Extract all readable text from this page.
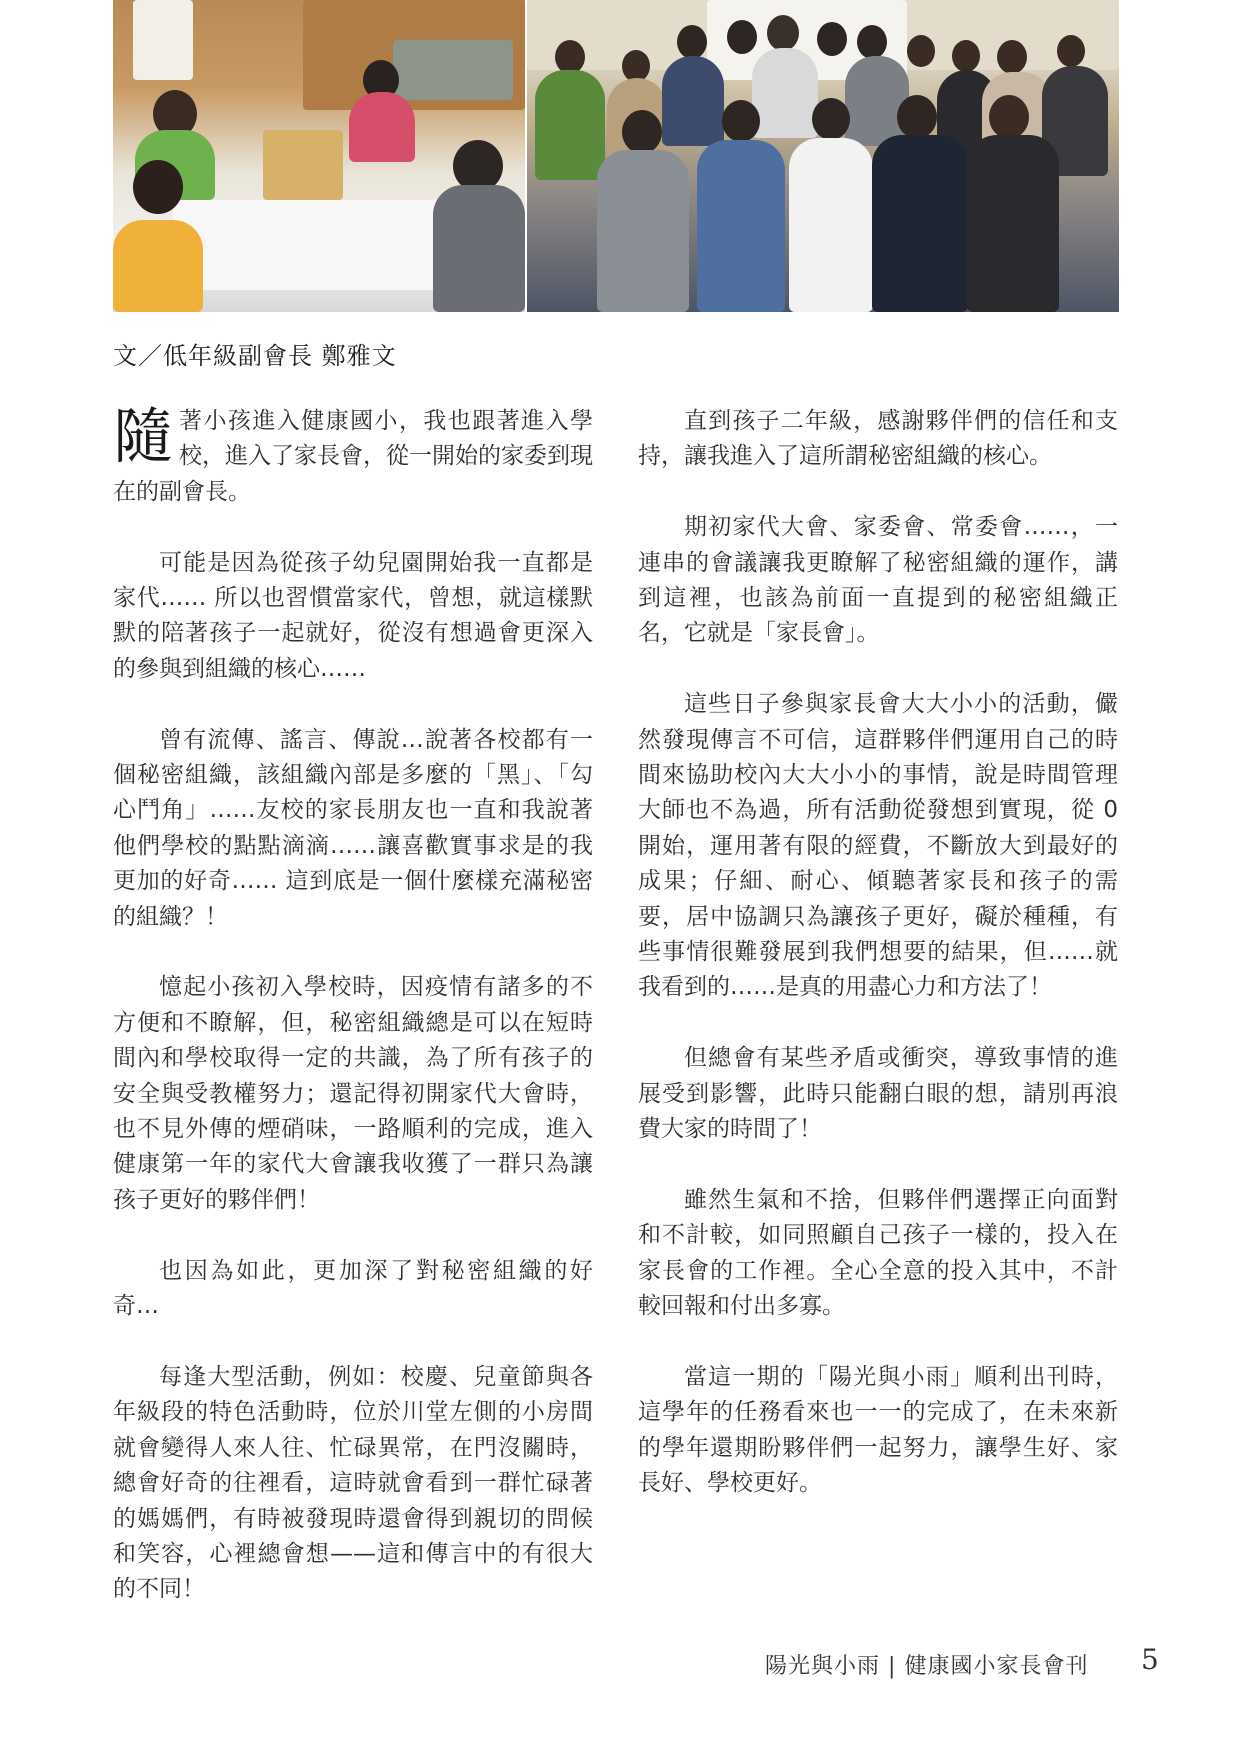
文／低年級副會長 鄭雅文

隨著小孩進入健康國小，我也跟著進入學校，進入了家長會，從一開始的家委到現在的副會長。

可能是因為從孩子幼兒園開始我一直都是家代…… 所以也習慣當家代，曾想，就這樣默默的陪著孩子一起就好，從沒有想過會更深入的參與到組織的核心……

曾有流傳、謠言、傳說…說著各校都有一個秘密組織，該組織內部是多麼的「黑」、「勾心鬥角」……友校的家長朋友也一直和我說著他們學校的點點滴滴……讓喜歡實事求是的我更加的好奇…… 這到底是一個什麼樣充滿秘密的組織？！

憶起小孩初入學校時，因疫情有諸多的不方便和不瞭解，但，秘密組織總是可以在短時間內和學校取得一定的共識，為了所有孩子的安全與受教權努力；還記得初開家代大會時，也不見外傳的煙硝味，一路順利的完成，進入健康第一年的家代大會讓我收獲了一群只為讓孩子更好的夥伴們！

也因為如此，更加深了對秘密組織的好奇…

每逢大型活動，例如：校慶、兒童節與各年級段的特色活動時，位於川堂左側的小房間就會變得人來人往、忙碌異常，在門沒關時，總會好奇的往裡看，這時就會看到一群忙碌著的媽媽們，有時被發現時還會得到親切的問候和笑容，心裡總會想——這和傳言中的有很大的不同！

直到孩子二年級，感謝夥伴們的信任和支持，讓我進入了這所謂秘密組織的核心。

期初家代大會、家委會、常委會……，一連串的會議讓我更瞭解了秘密組織的運作，講到這裡，也該為前面一直提到的秘密組織正名，它就是「家長會」。

這些日子參與家長會大大小小的活動，儼然發現傳言不可信，這群夥伴們運用自己的時間來協助校內大大小小的事情，說是時間管理大師也不為過，所有活動從發想到實現，從 0 開始，運用著有限的經費，不斷放大到最好的成果；仔細、耐心、傾聽著家長和孩子的需要，居中協調只為讓孩子更好，礙於種種，有些事情很難發展到我們想要的結果，但……就我看到的……是真的用盡心力和方法了！

但總會有某些矛盾或衝突，導致事情的進展受到影響，此時只能翻白眼的想，請別再浪費大家的時間了！

雖然生氣和不捨，但夥伴們選擇正向面對和不計較，如同照顧自己孩子一樣的，投入在家長會的工作裡。全心全意的投入其中，不計較回報和付出多寡。

當這一期的「陽光與小雨」順利出刊時，這學年的任務看來也一一的完成了，在未來新的學年還期盼夥伴們一起努力，讓學生好、家長好、學校更好。

陽光與小雨 | 健康國小家長會刊 5
